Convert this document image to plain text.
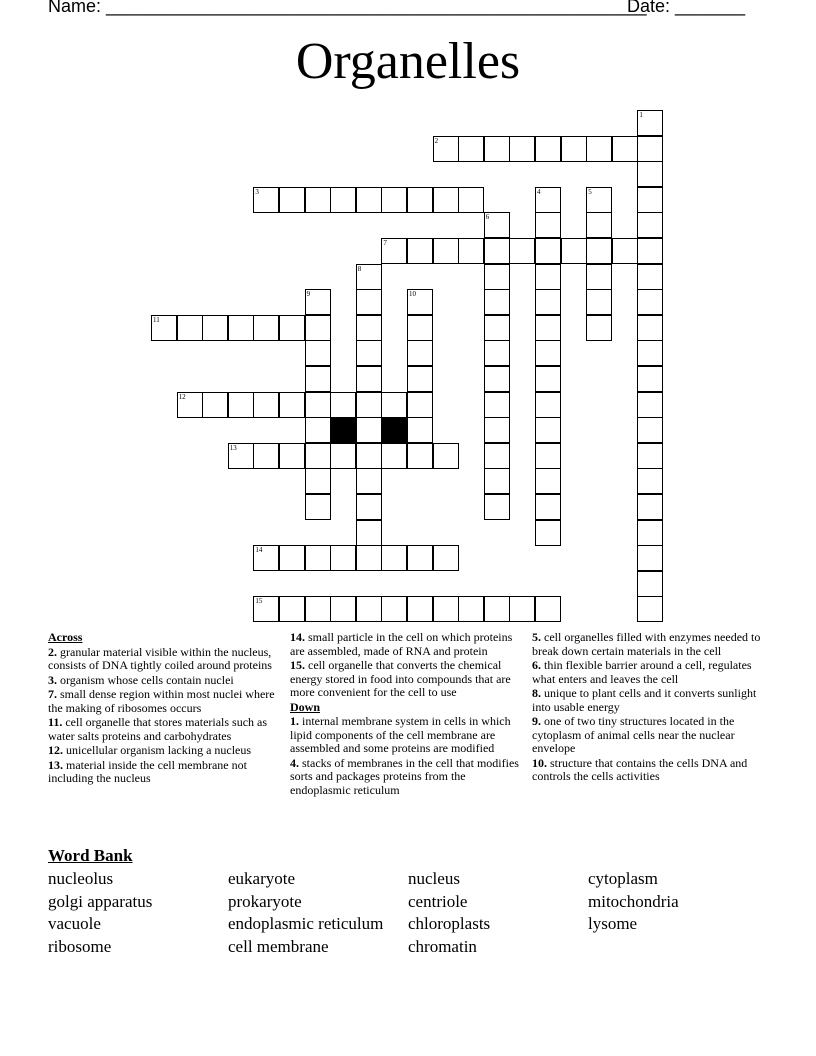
Name: ______________________________________________________
Date: _______
Organelles
1
2
3	4	5
6
7
8
9	10
11
12
13
14
15
Across
2. granular material visible within the nucleus, consists of DNA tightly coiled around proteins
3. organism whose cells contain nuclei
7. small dense region within most nuclei where the making of ribosomes occurs
11. cell organelle that stores materials such as water salts proteins and carbohydrates
12. unicellular organism lacking a nucleus
13. material inside the cell membrane not including the nucleus
14. small particle in the cell on which proteins are assembled, made of RNA and protein
15. cell organelle that converts the chemical energy stored in food into compounds that are more convenient for the cell to use
Down
1. internal membrane system in cells in which lipid components of the cell membrane are assembled and some proteins are modified
4. stacks of membranes in the cell that modifies sorts and packages proteins from the endoplasmic reticulum
5. cell organelles filled with enzymes needed to break down certain materials in the cell
6. thin flexible barrier around a cell, regulates what enters and leaves the cell
8. unique to plant cells and it converts sunlight into usable energy
9. one of two tiny structures located in the cytoplasm of animal cells near the nuclear envelope
10. structure that contains the cells DNA and controls the cells activities
Word Bank
nucleolus
golgi apparatus
vacuole
ribosome
eukaryote
prokaryote
endoplasmic reticulum
cell membrane
nucleus
centriole
chloroplasts
chromatin
cytoplasm
mitochondria
lysome
